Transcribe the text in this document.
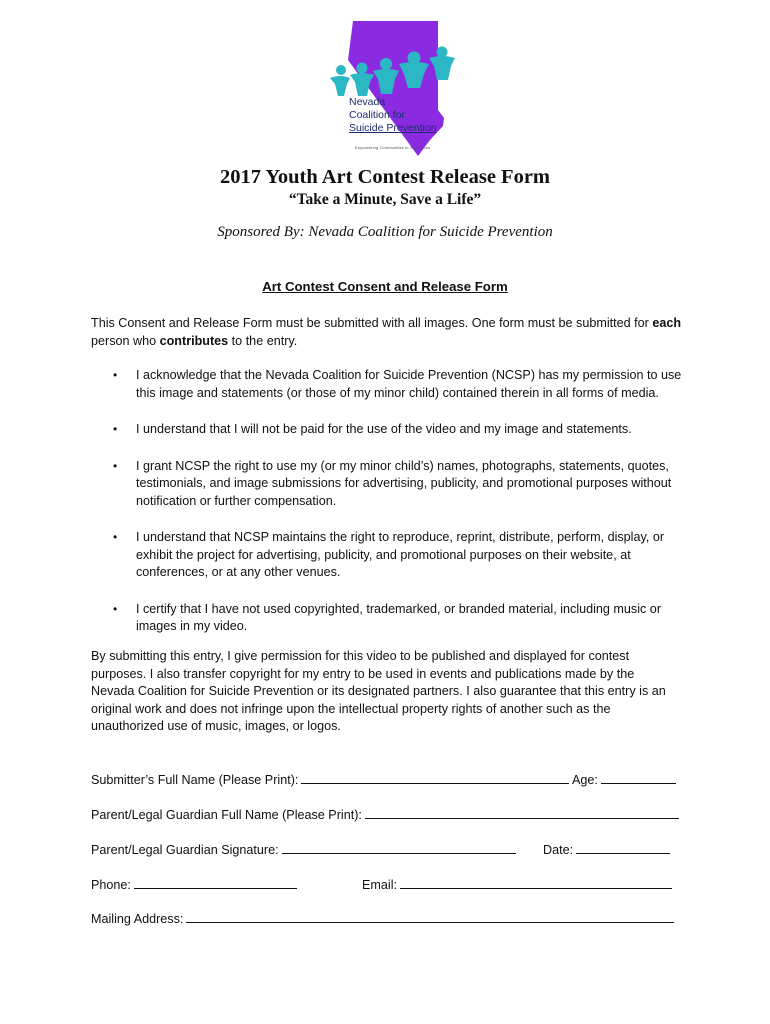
Nevada
Coalition for
Suicide Prevention
Empowering Communities to Save Lives
2017 Youth Art Contest Release Form
“Take a Minute, Save a Life”
Sponsored By: Nevada Coalition for Suicide Prevention
Art Contest Consent and Release Form
This Consent and Release Form must be submitted with all images. One form must be submitted for each person who contributes to the entry.
• I acknowledge that the Nevada Coalition for Suicide Prevention (NCSP) has my permission to use this image and statements (or those of my minor child) contained therein in all forms of media.
• I understand that I will not be paid for the use of the video and my image and statements.
• I grant NCSP the right to use my (or my minor child’s) names, photographs, statements, quotes, testimonials, and image submissions for advertising, publicity, and promotional purposes without notification or further compensation.
• I understand that NCSP maintains the right to reproduce, reprint, distribute, perform, display, or exhibit the project for advertising, publicity, and promotional purposes on their website, at conferences, or at any other venues.
• I certify that I have not used copyrighted, trademarked, or branded material, including music or images in my video.
By submitting this entry, I give permission for this video to be published and displayed for contest purposes. I also transfer copyright for my entry to be used in events and publications made by the Nevada Coalition for Suicide Prevention or its designated partners. I also guarantee that this entry is an original work and does not infringe upon the intellectual property rights of another such as the unauthorized use of music, images, or logos.
Submitter’s Full Name (Please Print):	Age:
Parent/Legal Guardian Full Name (Please Print):
Parent/Legal Guardian Signature:	Date:
Phone:	Email:
Mailing Address:
